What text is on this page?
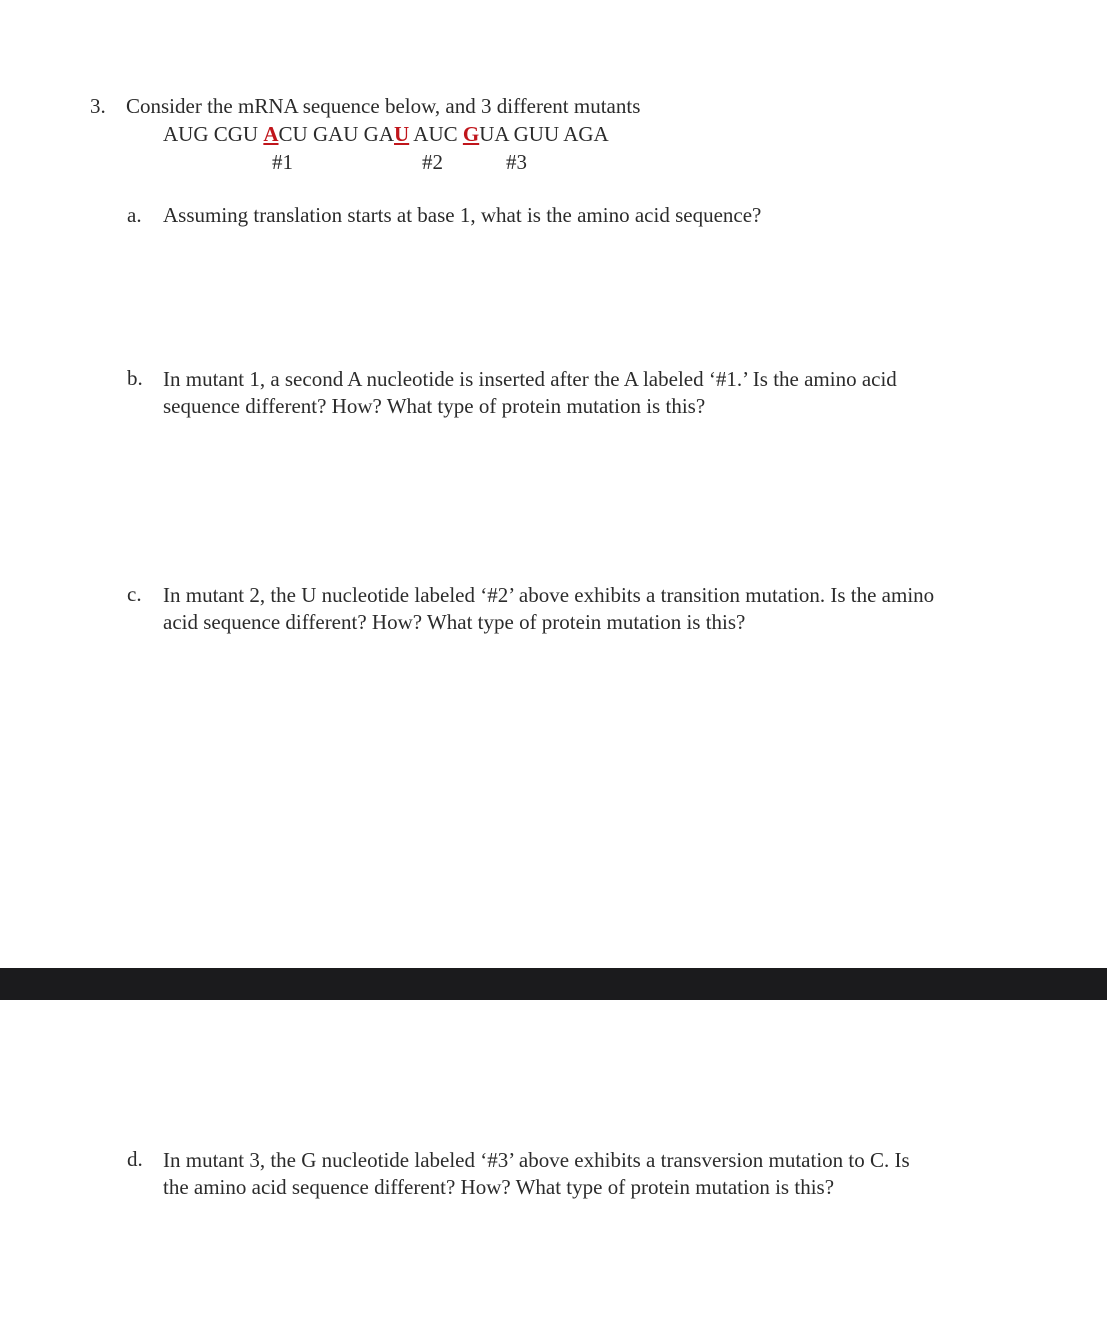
3. Consider the mRNA sequence below, and 3 different mutants
AUG CGU ACU GAU GAU AUC GUA GUU AGA
#1	#2	#3
a. Assuming translation starts at base 1, what is the amino acid sequence?
b. In mutant 1, a second A nucleotide is inserted after the A labeled ‘#1.’ Is the amino acid
sequence different? How? What type of protein mutation is this?
c. In mutant 2, the U nucleotide labeled ‘#2’ above exhibits a transition mutation. Is the amino
acid sequence different? How? What type of protein mutation is this?
d. In mutant 3, the G nucleotide labeled ‘#3’ above exhibits a transversion mutation to C. Is
the amino acid sequence different? How? What type of protein mutation is this?
